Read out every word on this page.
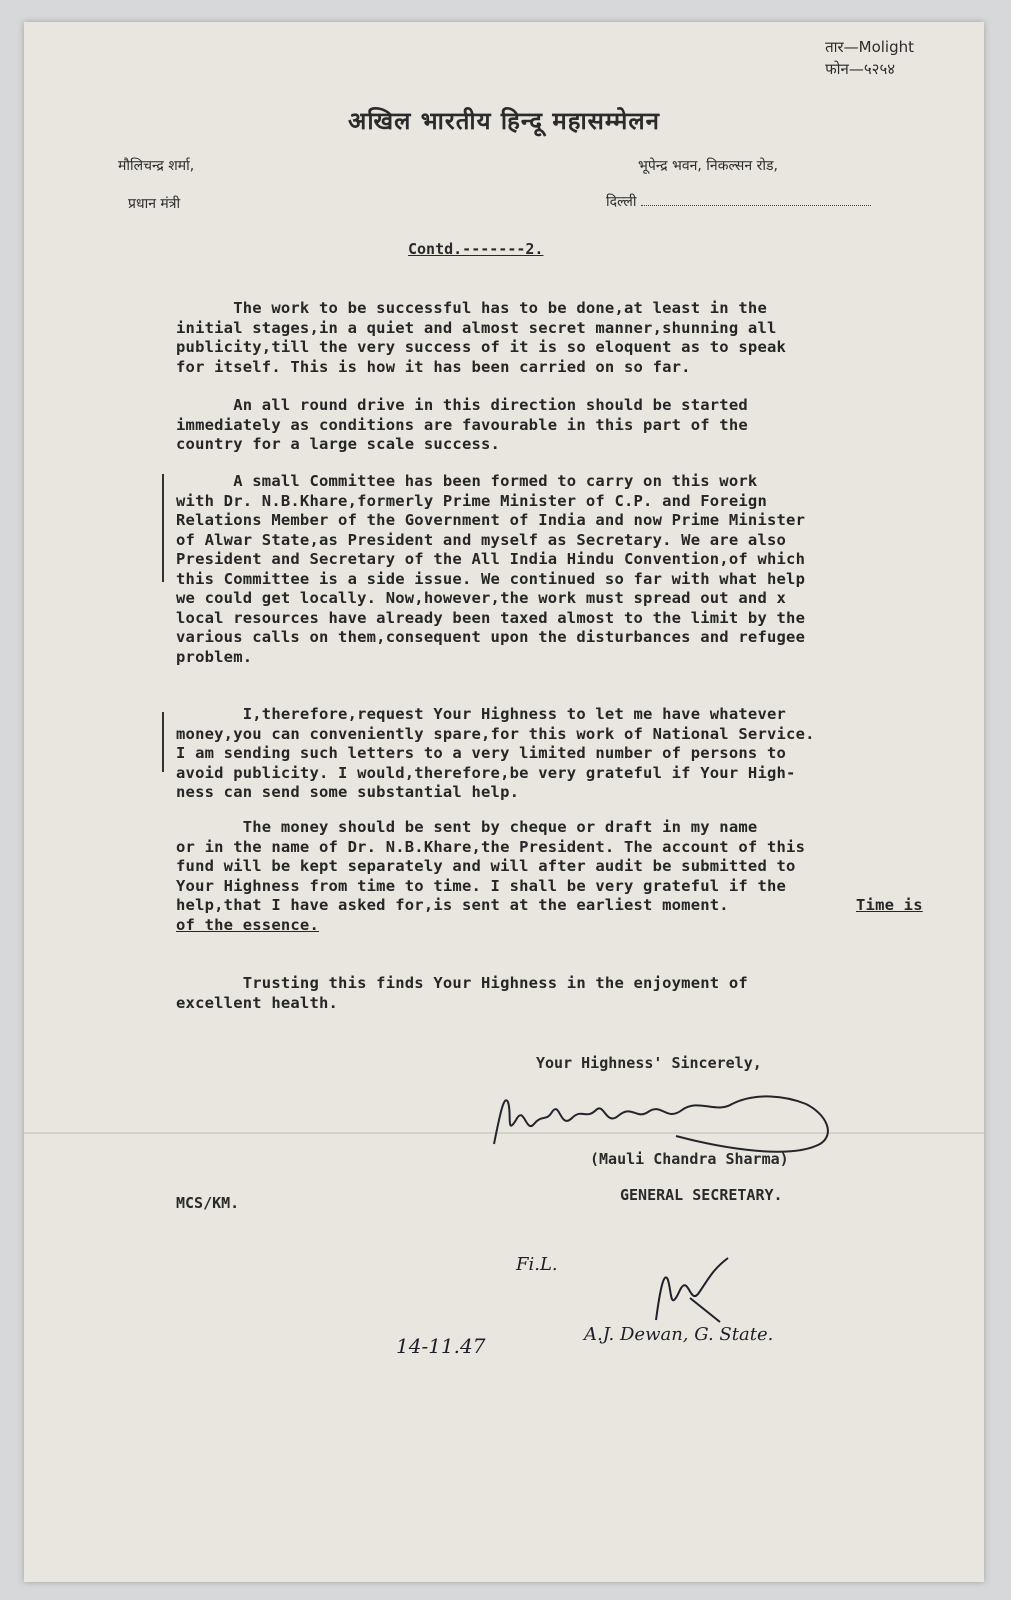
तार—Molight
फोन—५२५४
अखिल भारतीय हिन्दू महासम्मेलन
मौलिचन्द्र शर्मा,
प्रधान मंत्री
भूपेन्द्र भवन, निकल्सन रोड,
दिल्ली
Contd.-------2.
The work to be successful has to be done,at least in the
initial stages,in a quiet and almost secret manner,shunning all
publicity,till the very success of it is so eloquent as to speak
for itself. This is how it has been carried on so far.
An all round drive in this direction should be started
immediately as conditions are favourable in this part of the
country for a large scale success.
A small Committee has been formed to carry on this work
with Dr. N.B.Khare,formerly Prime Minister of C.P. and Foreign
Relations Member of the Government of India and now Prime Minister
of Alwar State,as President and myself as Secretary. We are also
President and Secretary of the All India Hindu Convention,of which
this Committee is a side issue. We continued so far with what help
we could get locally. Now,however,the work must spread out and x
local resources have already been taxed almost to the limit by the
various calls on them,consequent upon the disturbances and refugee
problem.
I,therefore,request Your Highness to let me have whatever
money,you can conveniently spare,for this work of National Service.
I am sending such letters to a very limited number of persons to
avoid publicity. I would,therefore,be very grateful if Your High-
ness can send some substantial help.
The money should be sent by cheque or draft in my name
or in the name of Dr. N.B.Khare,the President. The account of this
fund will be kept separately and will after audit be submitted to
Your Highness from time to time. I shall be very grateful if the
help,that I have asked for,is sent at the earliest moment.	Time is
of the essence.
Trusting this finds Your Highness in the enjoyment of
excellent health.
Your Highness' Sincerely,
(Mauli Chandra Sharma)
GENERAL SECRETARY.
MCS/KM.
Fi.L.
14-11.47	A.J. Dewan, G. State.
